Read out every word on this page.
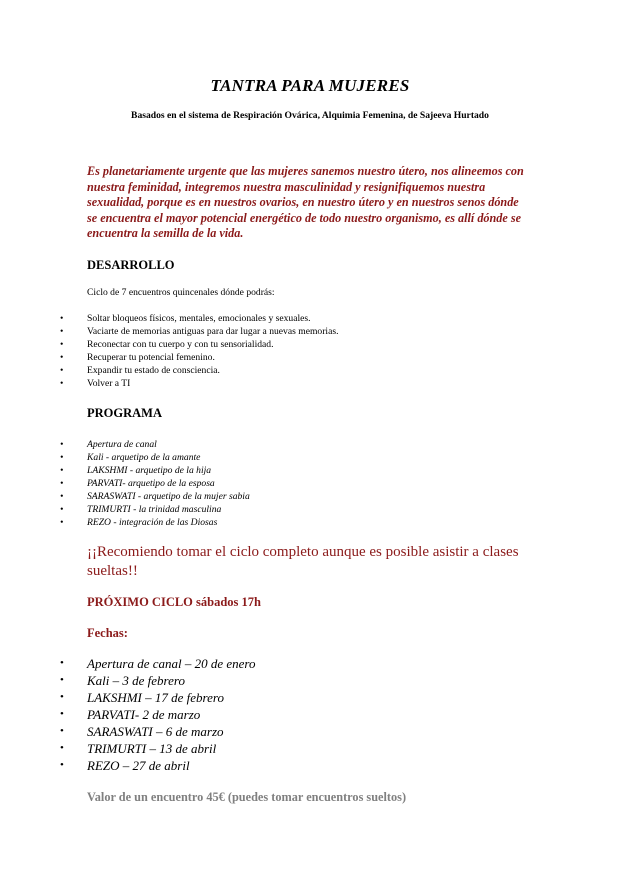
TANTRA PARA MUJERES
Basados en el sistema de Respiración Ovárica, Alquimia Femenina, de Sajeeva Hurtado
Es planetariamente urgente que las mujeres sanemos nuestro útero, nos alineemos con nuestra feminidad, integremos nuestra masculinidad y resignifiquemos nuestra sexualidad, porque es en nuestros ovarios, en nuestro útero y en nuestros senos dónde se encuentra el mayor potencial energético de todo nuestro organismo, es allí dónde se encuentra la semilla de la vida.
DESARROLLO
Ciclo de 7 encuentros quincenales dónde podrás:
• Soltar bloqueos físicos, mentales, emocionales y sexuales.
• Vaciarte de memorias antiguas para dar lugar a nuevas memorias.
• Reconectar con tu cuerpo y con tu sensorialidad.
• Recuperar tu potencial femenino.
• Expandir tu estado de consciencia.
• Volver a TI
PROGRAMA
• Apertura de canal
• Kali - arquetipo de la amante
• LAKSHMI - arquetipo de la hija
• PARVATI- arquetipo de la esposa
• SARASWATI - arquetipo de la mujer sabia
• TRIMURTI - la trinidad masculina
• REZO - integración de las Diosas
¡¡Recomiendo tomar el ciclo completo aunque es posible asistir a clases sueltas!!
PRÓXIMO CICLO sábados 17h
Fechas:
• Apertura de canal – 20 de enero
• Kali – 3 de febrero
• LAKSHMI – 17 de febrero
• PARVATI- 2 de marzo
• SARASWATI – 6 de marzo
• TRIMURTI – 13 de abril
• REZO – 27 de abril
Valor de un encuentro 45€ (puedes tomar encuentros sueltos)
